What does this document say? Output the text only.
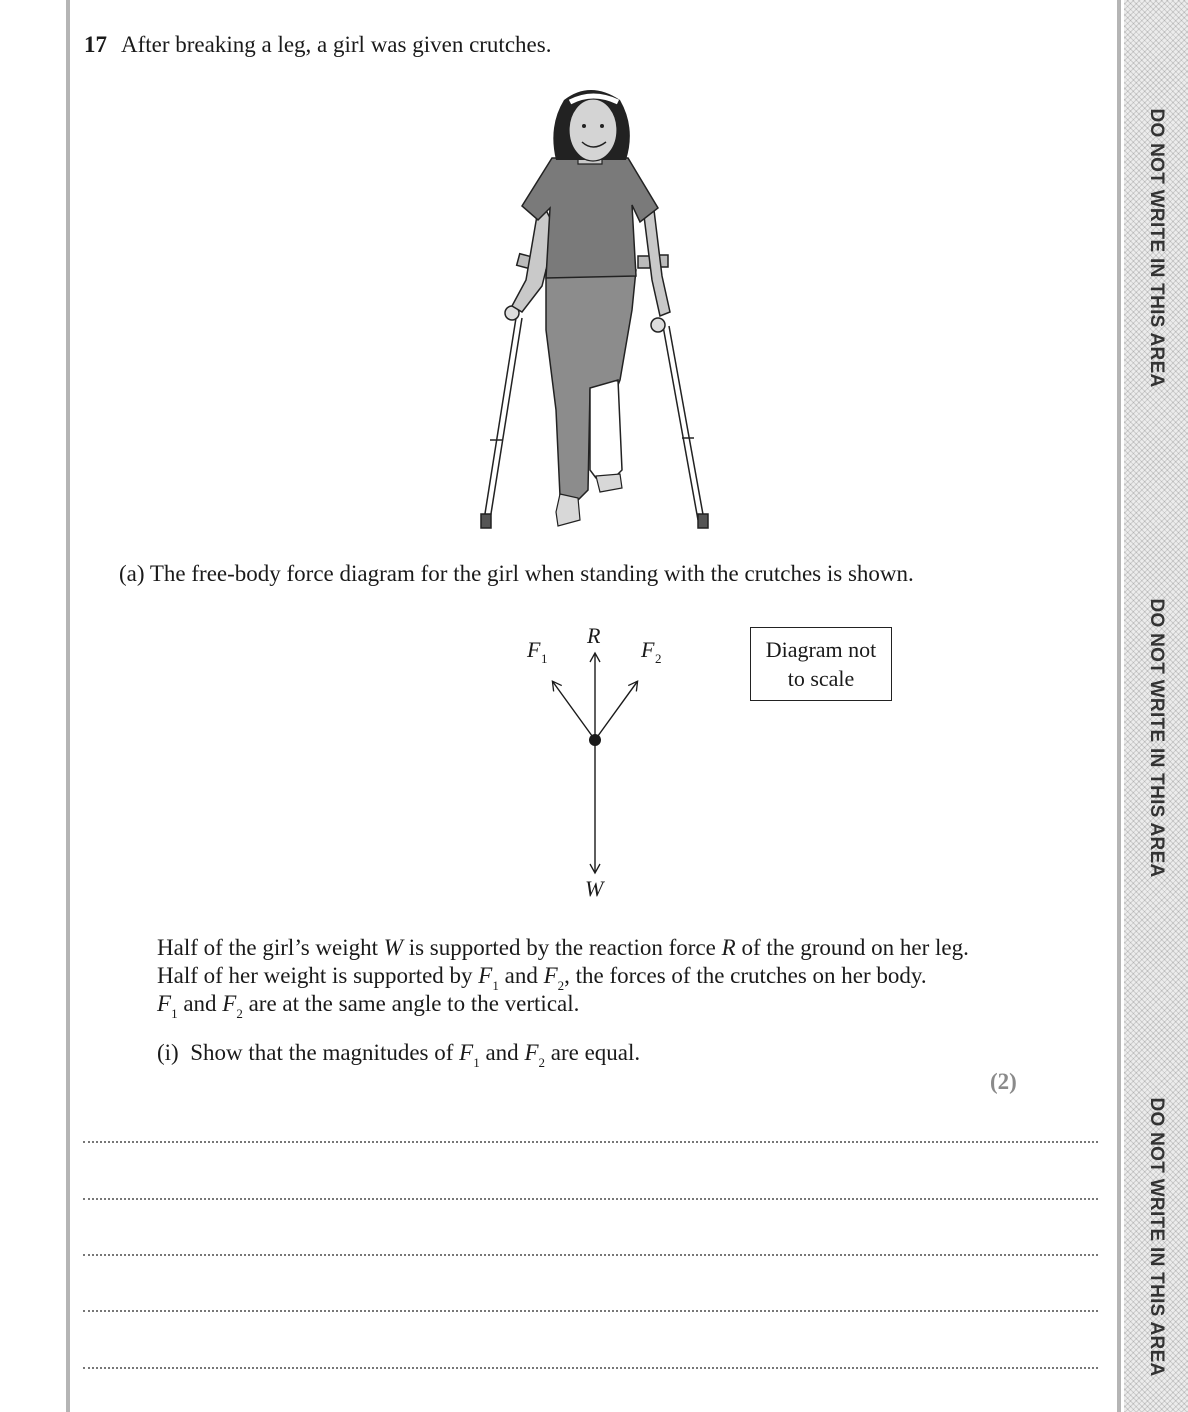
DO NOT WRITE IN THIS AREA
DO NOT WRITE IN THIS AREA
DO NOT WRITE IN THIS AREA
17 After breaking a leg, a girl was given crutches.
(a) The free-body force diagram for the girl when standing with the crutches is shown.
F 1
R
F 2
W
Diagram not
to scale
Half of the girl’s weight W is supported by the reaction force R of the ground on her leg.
Half of her weight is supported by $F_1$ and $F_2$, the forces of the crutches on her body.
$F_1$ and $F_2$ are at the same angle to the vertical.
(i) Show that the magnitudes of $F_1$ and $F_2$ are equal.
(2)
